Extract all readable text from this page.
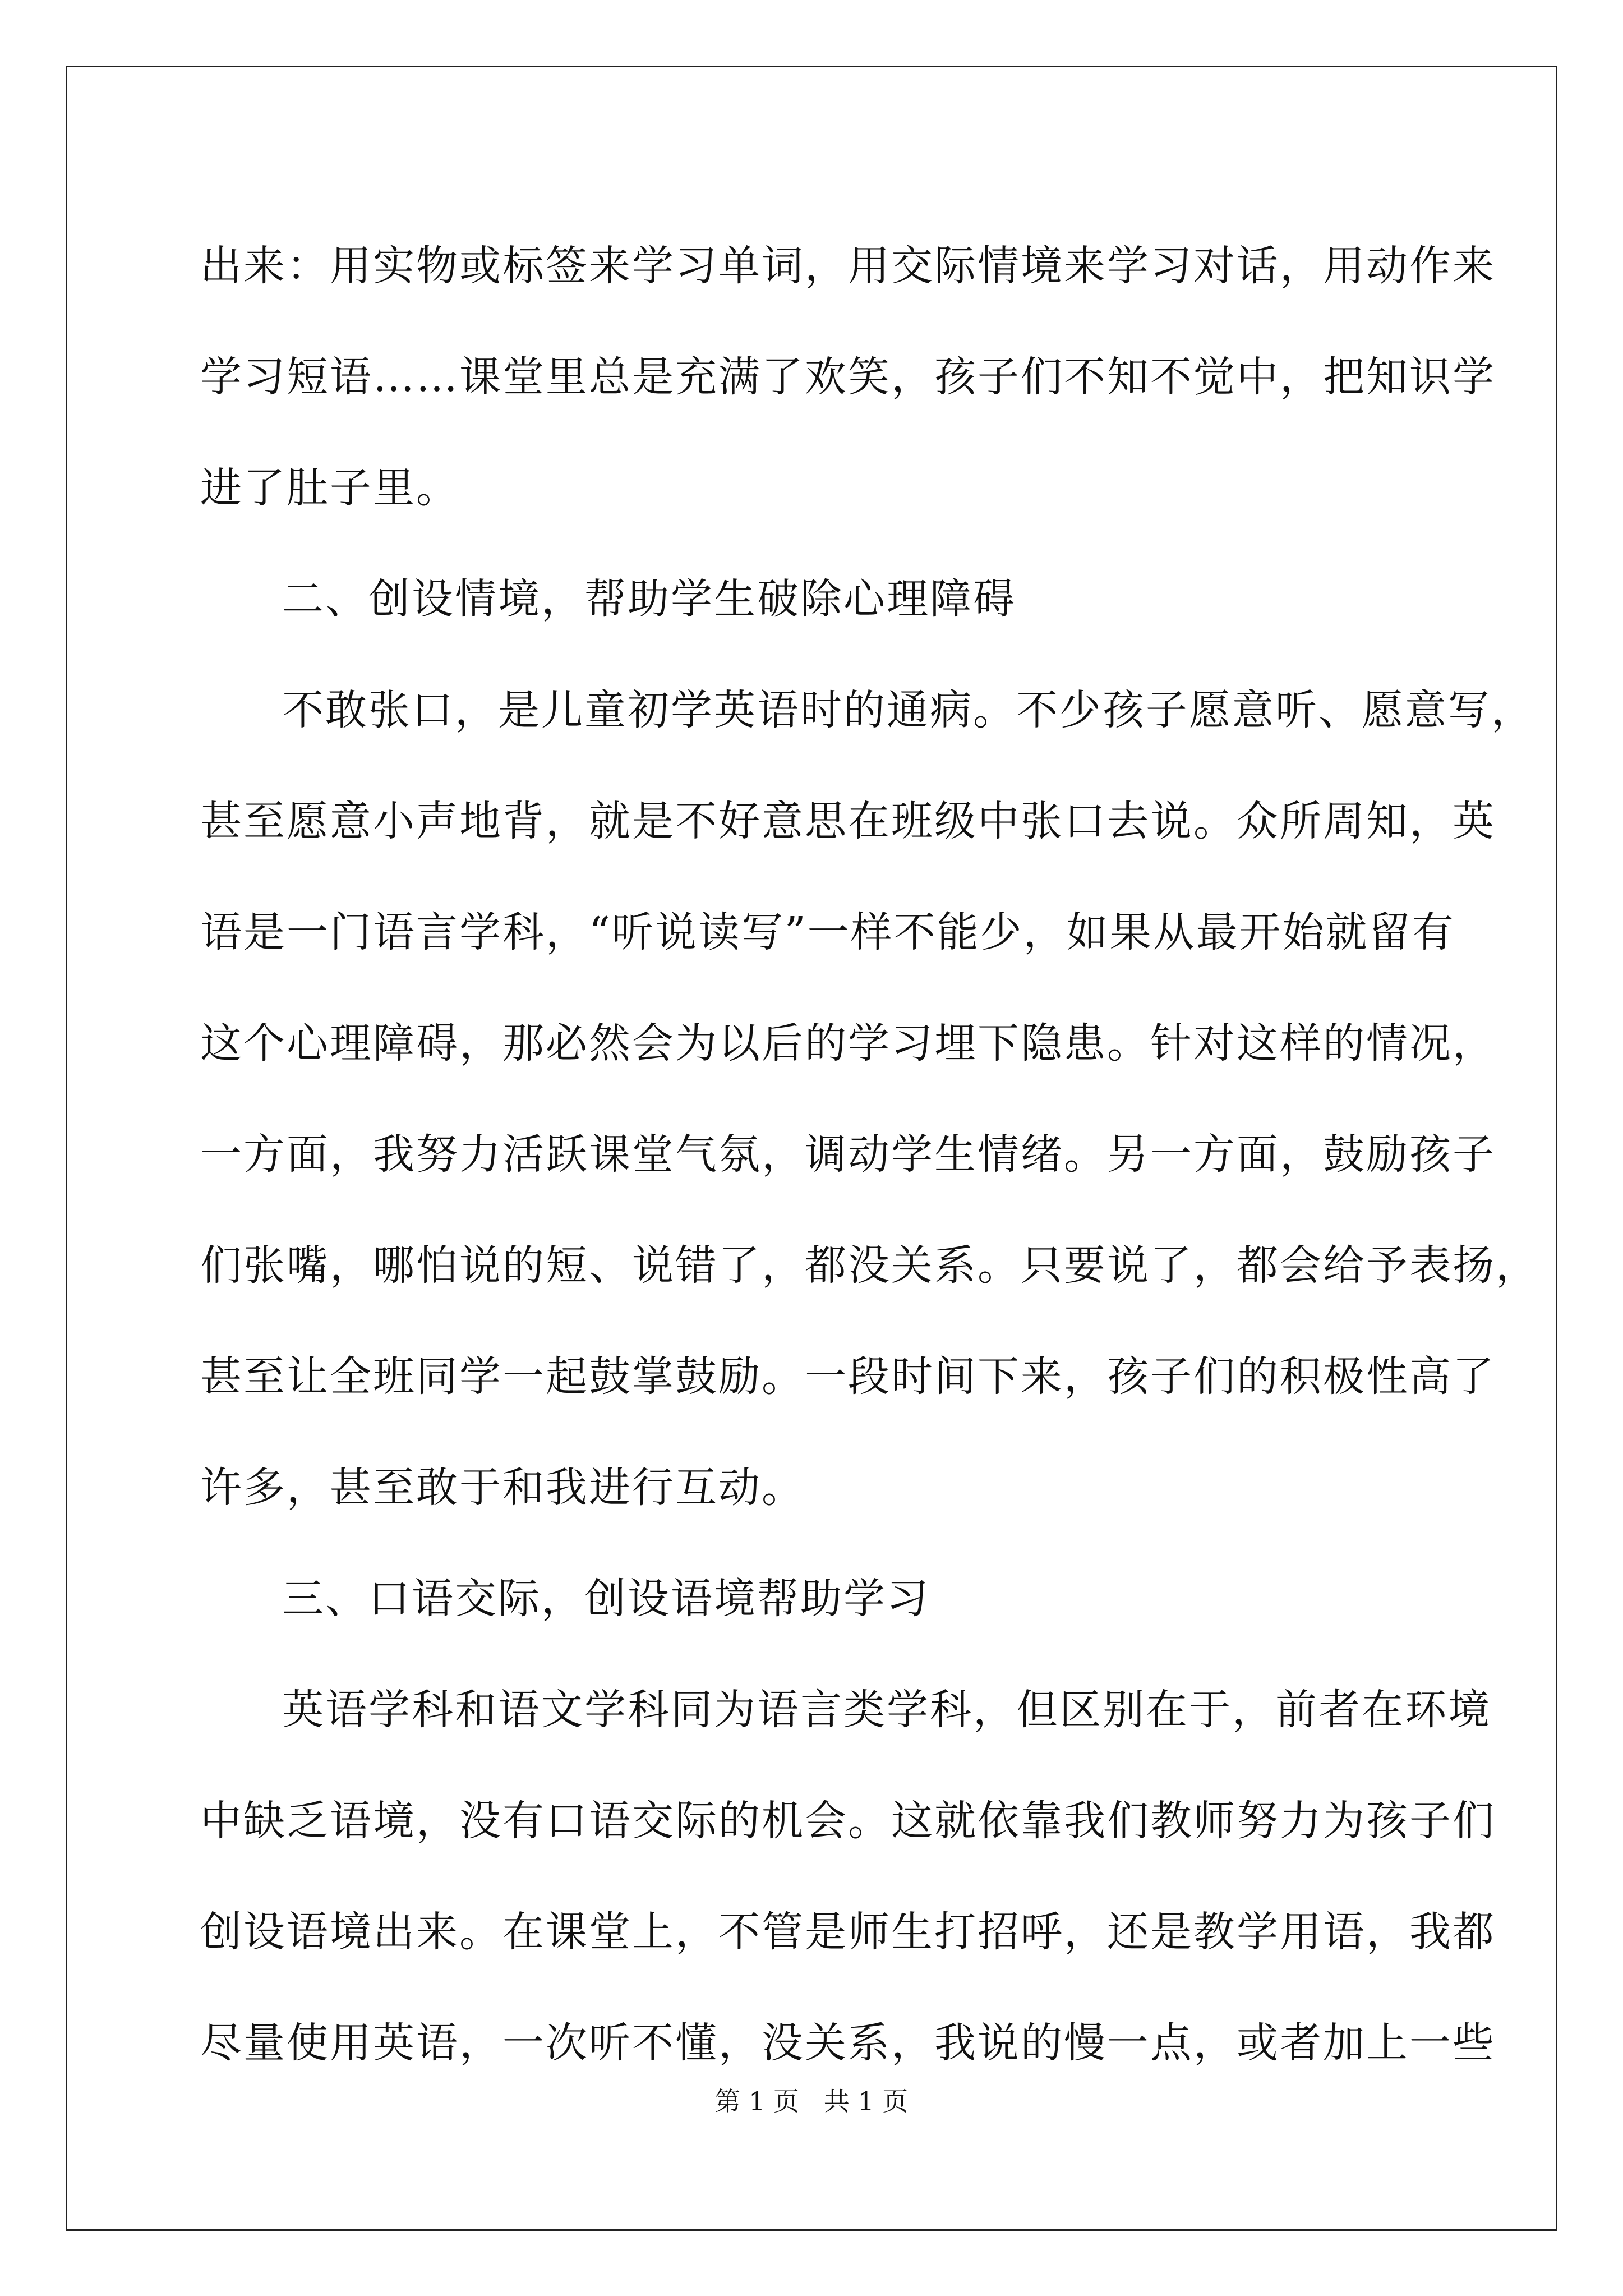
出来：用实物或标签来学习单词，用交际情境来学习对话，用动作来
学习短语……课堂里总是充满了欢笑，孩子们不知不觉中，把知识学
进了肚子里。
二、创设情境，帮助学生破除心理障碍
不敢张口，是儿童初学英语时的通病。不少孩子愿意听、愿意写，
甚至愿意小声地背，就是不好意思在班级中张口去说。众所周知，英
语是一门语言学科，“听说读写”一样不能少，如果从最开始就留有
这个心理障碍，那必然会为以后的学习埋下隐患。针对这样的情况，
一方面，我努力活跃课堂气氛，调动学生情绪。另一方面，鼓励孩子
们张嘴，哪怕说的短、说错了，都没关系。只要说了，都会给予表扬，
甚至让全班同学一起鼓掌鼓励。一段时间下来，孩子们的积极性高了
许多，甚至敢于和我进行互动。
三、口语交际，创设语境帮助学习
英语学科和语文学科同为语言类学科，但区别在于，前者在环境
中缺乏语境，没有口语交际的机会。这就依靠我们教师努力为孩子们
创设语境出来。在课堂上，不管是师生打招呼，还是教学用语，我都
尽量使用英语，一次听不懂，没关系，我说的慢一点，或者加上一些
第 1 页   共 1 页
